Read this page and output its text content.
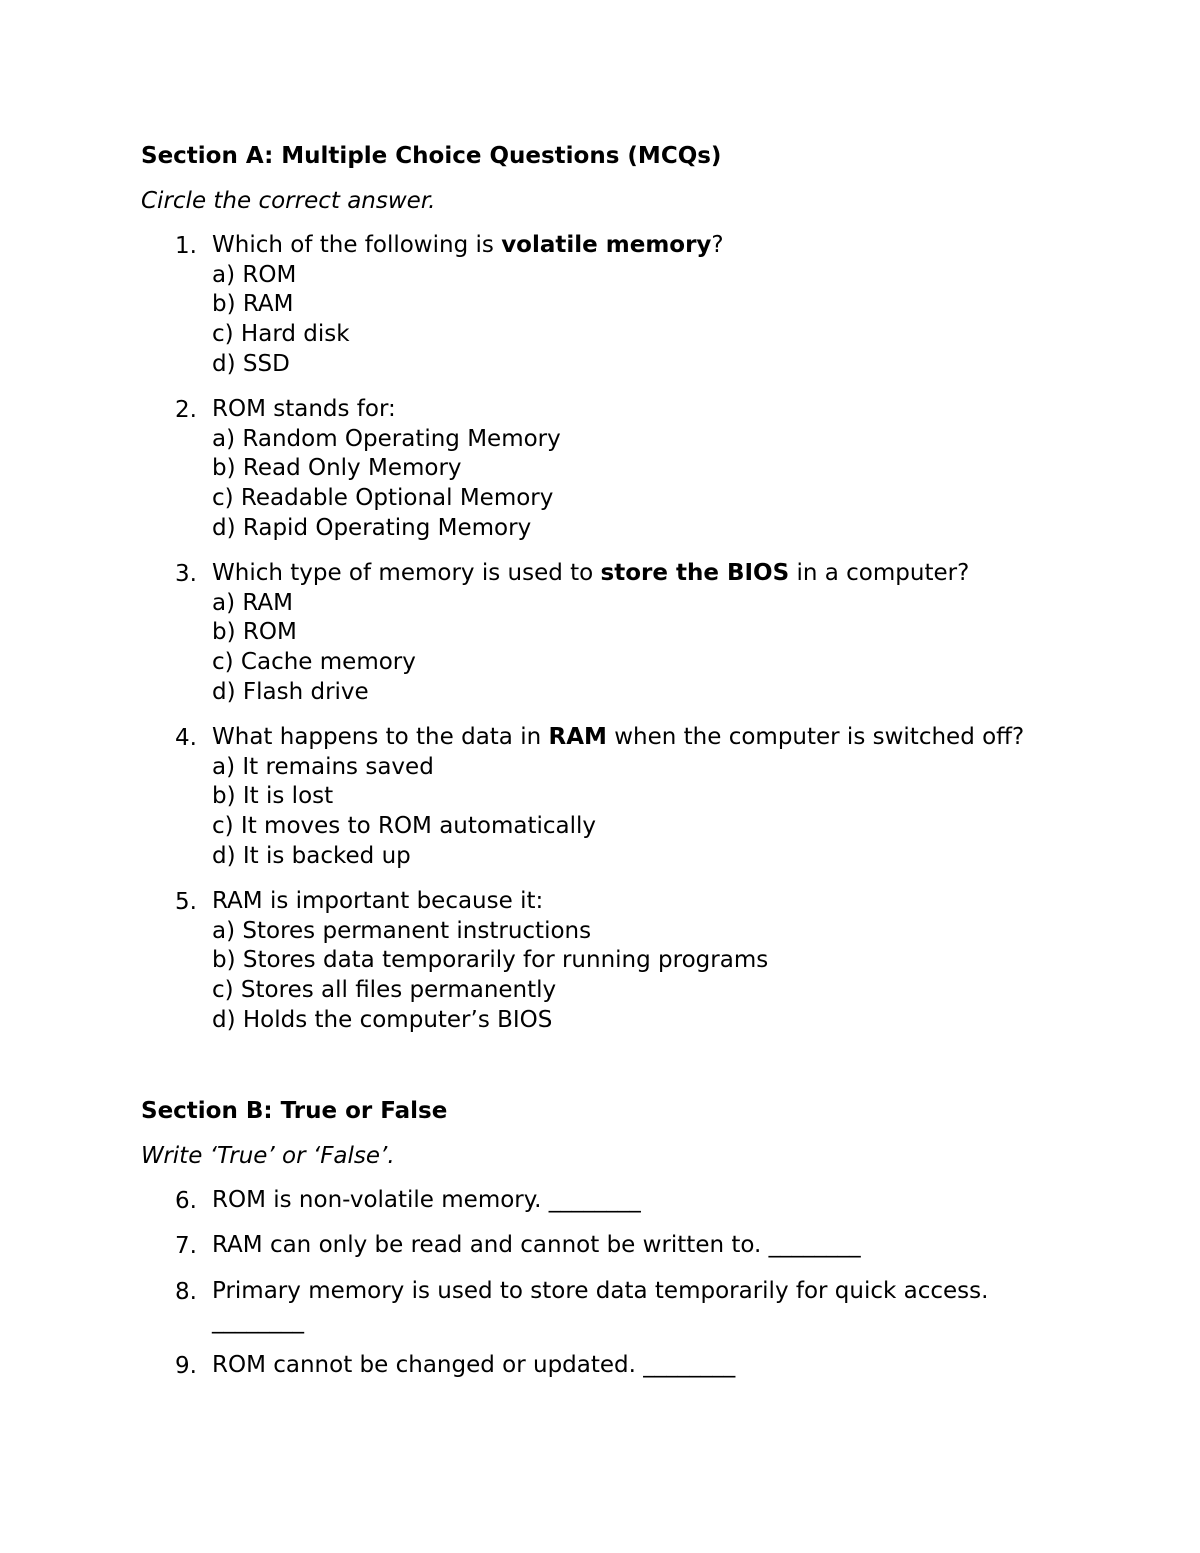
Section A: Multiple Choice Questions (MCQs)

Circle the correct answer.

1. Which of the following is volatile memory?
a) ROM
b) RAM
c) Hard disk
d) SSD
2. ROM stands for:
a) Random Operating Memory
b) Read Only Memory
c) Readable Optional Memory
d) Rapid Operating Memory
3. Which type of memory is used to store the BIOS in a computer?
a) RAM
b) ROM
c) Cache memory
d) Flash drive
4. What happens to the data in RAM when the computer is switched off?
a) It remains saved
b) It is lost
c) It moves to ROM automatically
d) It is backed up
5. RAM is important because it:
a) Stores permanent instructions
b) Stores data temporarily for running programs
c) Stores all files permanently
d) Holds the computer’s BIOS
Section B: True or False

Write ‘True’ or ‘False’.

6. ROM is non-volatile memory. ________
7. RAM can only be read and cannot be written to. ________
8. Primary memory is used to store data temporarily for quick access.
________
9. ROM cannot be changed or updated. ________
